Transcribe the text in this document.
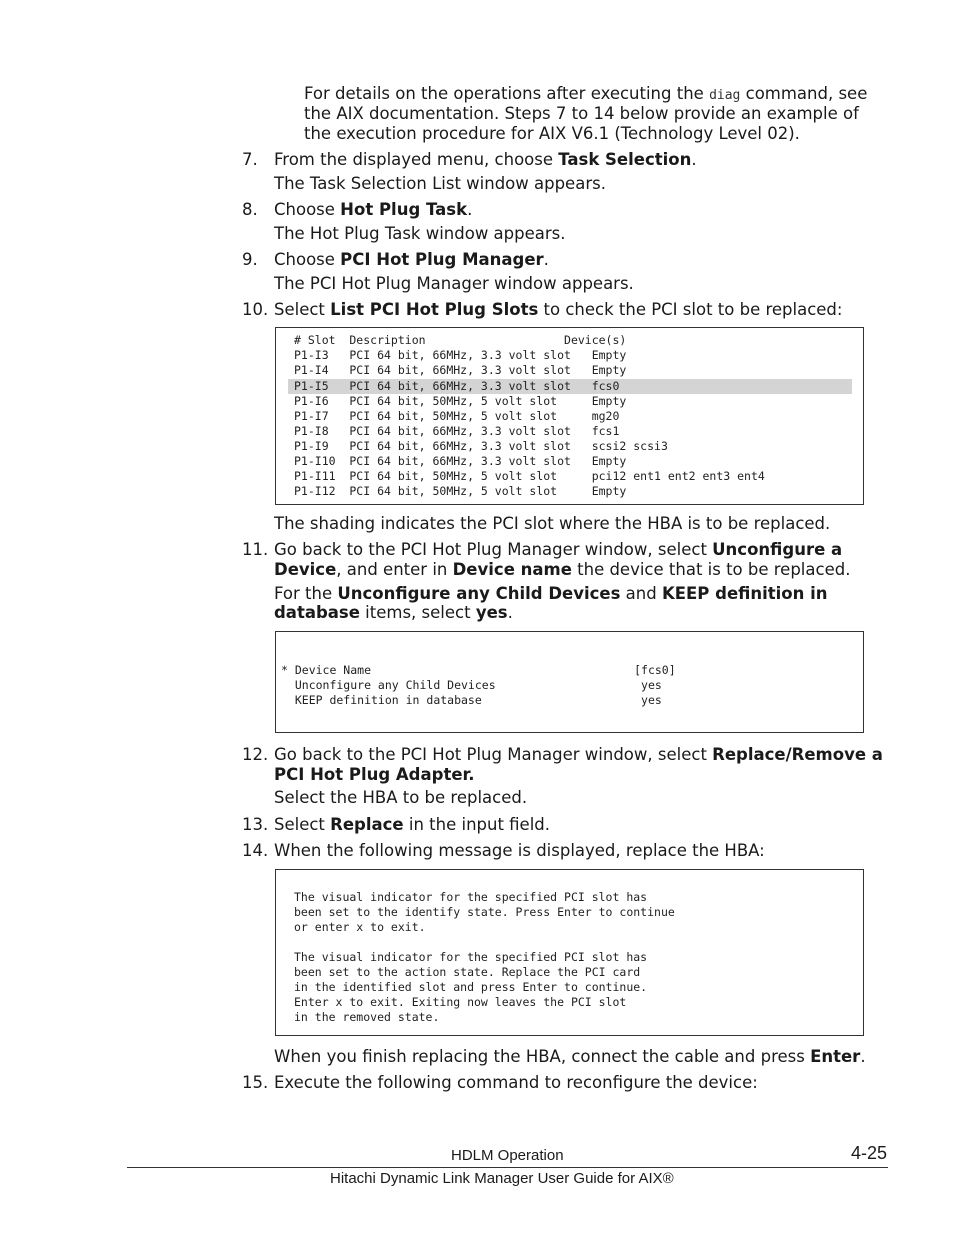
For details on the operations after executing the diag command, see
the AIX documentation. Steps 7 to 14 below provide an example of
the execution procedure for AIX V6.1 (Technology Level 02).
7. From the displayed menu, choose Task Selection.
The Task Selection List window appears.
8. Choose Hot Plug Task.
The Hot Plug Task window appears.
9. Choose PCI Hot Plug Manager.
The PCI Hot Plug Manager window appears.
10. Select List PCI Hot Plug Slots to check the PCI slot to be replaced:
# Slot  Description                    Device(s)
P1-I3   PCI 64 bit, 66MHz, 3.3 volt slot   Empty
P1-I4   PCI 64 bit, 66MHz, 3.3 volt slot   Empty
P1-I5   PCI 64 bit, 66MHz, 3.3 volt slot   fcs0
P1-I6   PCI 64 bit, 50MHz, 5 volt slot     Empty
P1-I7   PCI 64 bit, 50MHz, 5 volt slot     mg20
P1-I8   PCI 64 bit, 66MHz, 3.3 volt slot   fcs1
P1-I9   PCI 64 bit, 66MHz, 3.3 volt slot   scsi2 scsi3
P1-I10  PCI 64 bit, 66MHz, 3.3 volt slot   Empty
P1-I11  PCI 64 bit, 50MHz, 5 volt slot     pci12 ent1 ent2 ent3 ent4
P1-I12  PCI 64 bit, 50MHz, 5 volt slot     Empty
The shading indicates the PCI slot where the HBA is to be replaced.
11. Go back to the PCI Hot Plug Manager window, select Unconfigure a
Device, and enter in Device name the device that is to be replaced.
For the Unconfigure any Child Devices and KEEP definition in
database items, select yes.
* Device Name                                      [fcs0]
Unconfigure any Child Devices                     yes
KEEP definition in database                       yes
12. Go back to the PCI Hot Plug Manager window, select Replace/Remove a
PCI Hot Plug Adapter.
Select the HBA to be replaced.
13. Select Replace in the input field.
14. When the following message is displayed, replace the HBA:
The visual indicator for the specified PCI slot has
been set to the identify state. Press Enter to continue
or enter x to exit.
The visual indicator for the specified PCI slot has
been set to the action state. Replace the PCI card
in the identified slot and press Enter to continue.
Enter x to exit. Exiting now leaves the PCI slot
in the removed state.
When you finish replacing the HBA, connect the cable and press Enter.
15. Execute the following command to reconfigure the device:
HDLM Operation	4-25
Hitachi Dynamic Link Manager User Guide for AIX®
